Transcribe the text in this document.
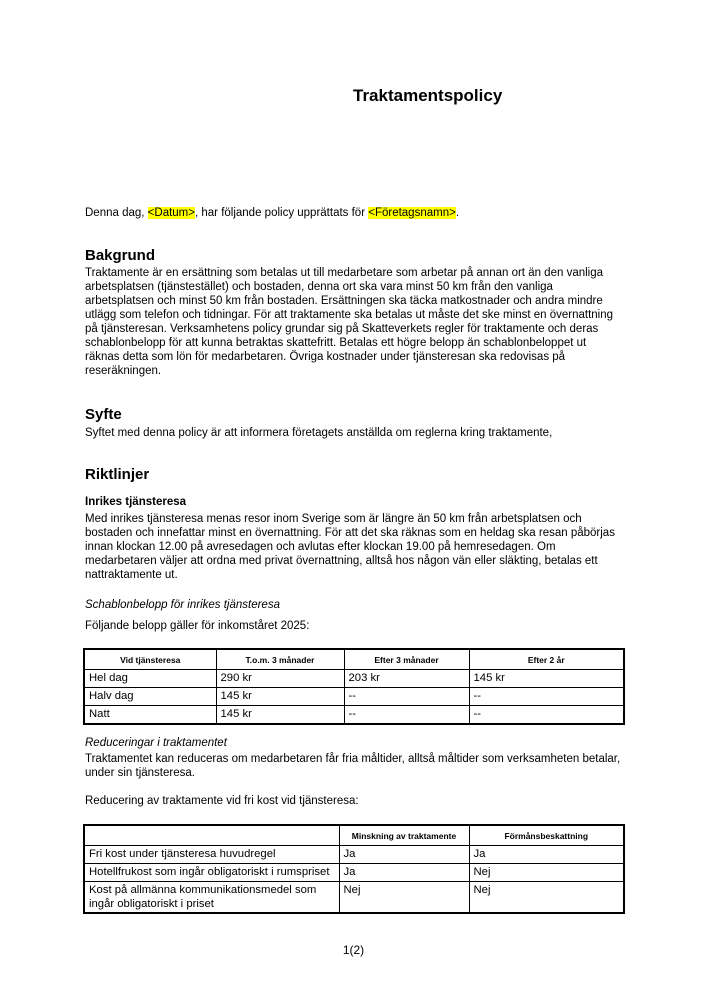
Traktamentspolicy

Denna dag, <Datum>, har följande policy upprättats för <Företagsnamn>.

Bakgrund

Traktamente är en ersättning som betalas ut till medarbetare som arbetar på annan ort än den vanliga arbetsplatsen (tjänstestället) och bostaden, denna ort ska vara minst 50 km från den vanliga arbetsplatsen och minst 50 km från bostaden. Ersättningen ska täcka matkostnader och andra mindre utlägg som telefon och tidningar. För att traktamente ska betalas ut måste det ske minst en övernattning på tjänsteresan. Verksamhetens policy grundar sig på Skatteverkets regler för traktamente och deras schablonbelopp för att kunna betraktas skattefritt. Betalas ett högre belopp än schablonbeloppet ut räknas detta som lön för medarbetaren. Övriga kostnader under tjänsteresan ska redovisas på reseräkningen.

Syfte

Syftet med denna policy är att informera företagets anställda om reglerna kring traktamente,

Riktlinjer
Inrikes tjänsteresa

Med inrikes tjänsteresa menas resor inom Sverige som är längre än 50 km från arbetsplatsen och bostaden och innefattar minst en övernattning. För att det ska räknas som en heldag ska resan påbörjas innan klockan 12.00 på avresedagen och avlutas efter klockan 19.00 på hemresedagen. Om medarbetaren väljer att ordna med privat övernattning, alltså hos någon vän eller släkting, betalas ett nattraktamente ut.

Schablonbelopp för inrikes tjänsteresa

Följande belopp gäller för inkomståret 2025:

Vid tjänsteresa	T.o.m. 3 månader	Efter 3 månader	Efter 2 år
Hel dag	290 kr	203 kr	145 kr
Halv dag	145 kr	--	--
Natt	145 kr	--	--

Reduceringar i traktamentet

Traktamentet kan reduceras om medarbetaren får fria måltider, alltså måltider som verksamheten betalar, under sin tjänsteresa.

Reducering av traktamente vid fri kost vid tjänsteresa:

	Minskning av traktamente	Förmånsbeskattning
Fri kost under tjänsteresa huvudregel	Ja	Ja
Hotellfrukost som ingår obligatoriskt i rumspriset	Ja	Nej
Kost på allmänna kommunikationsmedel som ingår obligatoriskt i priset	Nej	Nej
1(2)
